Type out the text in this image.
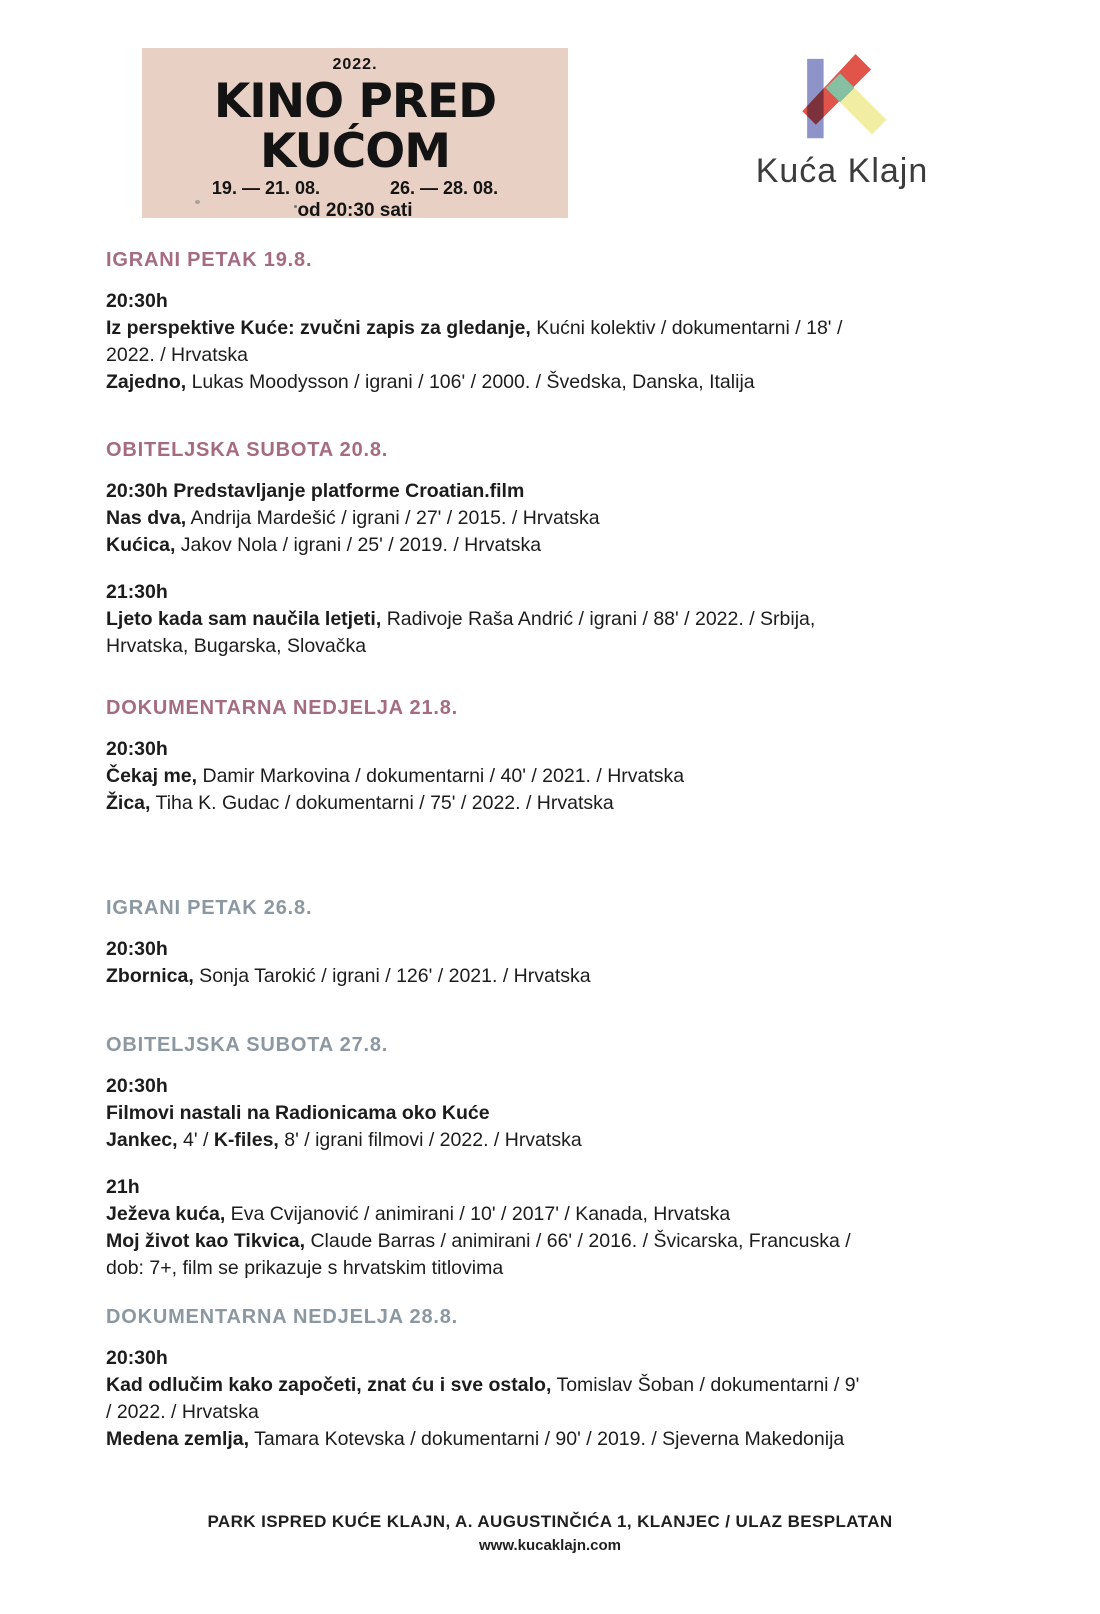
2022.
KINO PRED
KUĆOM
19. — 21. 08.	26. — 28. 08.
od 20:30 sati
Kuća Klajn
IGRANI PETAK 19.8.

20:30h

Iz perspektive Kuće: zvučni zapis za gledanje, Kućni kolektiv / dokumentarni / 18' /

2022. / Hrvatska

Zajedno, Lukas Moodysson / igrani / 106' / 2000. / Švedska, Danska, Italija

OBITELJSKA SUBOTA 20.8.

20:30h Predstavljanje platforme Croatian.film

Nas dva, Andrija Mardešić / igrani / 27' / 2015. / Hrvatska

Kućica, Jakov Nola / igrani / 25' / 2019. / Hrvatska

21:30h

Ljeto kada sam naučila letjeti, Radivoje Raša Andrić / igrani / 88' / 2022. / Srbija,

Hrvatska, Bugarska, Slovačka

DOKUMENTARNA NEDJELJA 21.8.

20:30h

Čekaj me, Damir Markovina / dokumentarni / 40' / 2021. / Hrvatska

Žica, Tiha K. Gudac / dokumentarni / 75' / 2022. / Hrvatska

IGRANI PETAK 26.8.

20:30h

Zbornica, Sonja Tarokić / igrani / 126' / 2021. / Hrvatska

OBITELJSKA SUBOTA 27.8.

20:30h

Filmovi nastali na Radionicama oko Kuće

Jankec, 4' / K-files, 8' / igrani filmovi / 2022. / Hrvatska

21h

Ježeva kuća, Eva Cvijanović / animirani / 10' / 2017' / Kanada, Hrvatska

Moj život kao Tikvica, Claude Barras / animirani / 66' / 2016. / Švicarska, Francuska /

dob: 7+, film se prikazuje s hrvatskim titlovima

DOKUMENTARNA NEDJELJA 28.8.

20:30h

Kad odlučim kako započeti, znat ću i sve ostalo, Tomislav Šoban / dokumentarni / 9'

/ 2022. / Hrvatska

Medena zemlja, Tamara Kotevska / dokumentarni / 90' / 2019. / Sjeverna Makedonija

PARK ISPRED KUĆE KLAJN, A. AUGUSTINČIĆA 1, KLANJEC / ULAZ BESPLATAN
www.kucaklajn.com
